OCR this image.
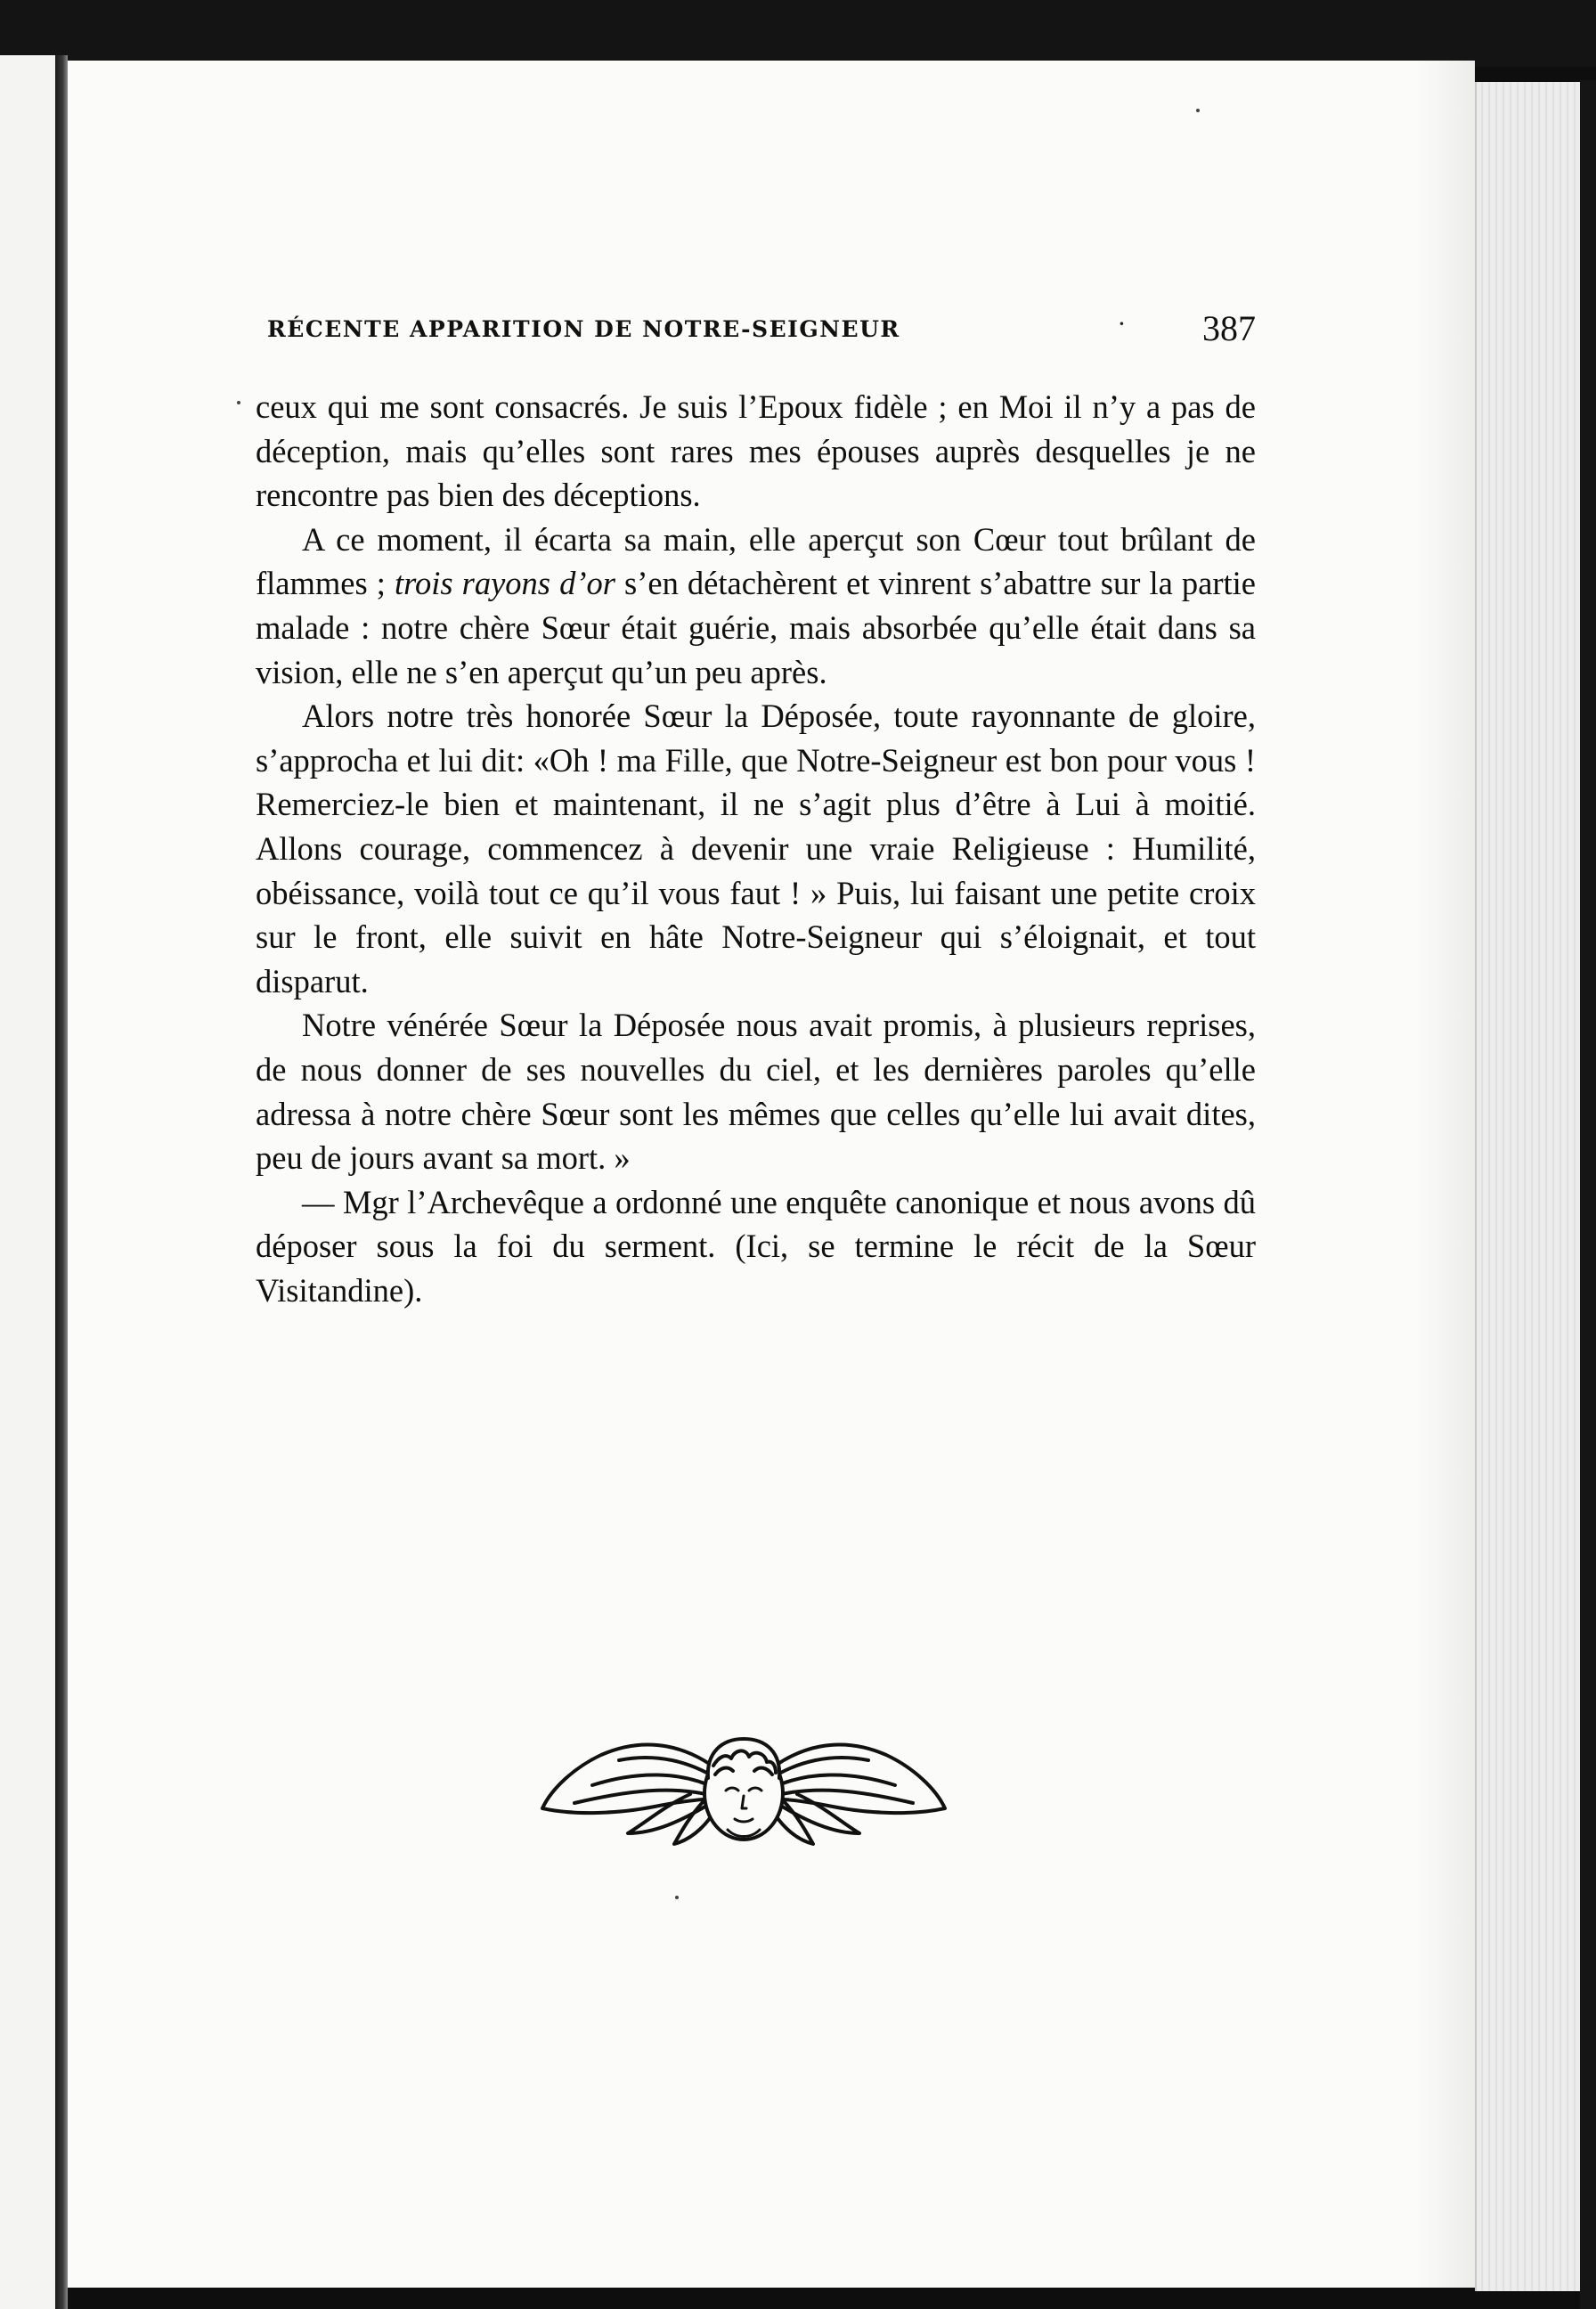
RÉCENTE APPARITION DE NOTRE-SEIGNEUR	· 387

ceux qui me sont consacrés. Je suis l’Epoux fidèle ; en Moi il n’y a pas de déception, mais qu’elles sont rares mes épouses auprès desquelles je ne rencontre pas bien des déceptions.

A ce moment, il écarta sa main, elle aperçut son Cœur tout brûlant de flammes ; trois rayons d’or s’en détachèrent et vinrent s’abattre sur la partie malade : notre chère Sœur était guérie, mais absorbée qu’elle était dans sa vision, elle ne s’en aperçut qu’un peu après.

Alors notre très honorée Sœur la Déposée, toute rayonnante de gloire, s’approcha et lui dit: «Oh ! ma Fille, que Notre-Seigneur est bon pour vous ! Remerciez-le bien et maintenant, il ne s’agit plus d’être à Lui à moitié. Allons courage, commencez à devenir une vraie Religieuse : Humilité, obéissance, voilà tout ce qu’il vous faut ! » Puis, lui faisant une petite croix sur le front, elle suivit en hâte Notre-Seigneur qui s’éloignait, et tout disparut.

Notre vénérée Sœur la Déposée nous avait promis, à plusieurs reprises, de nous donner de ses nouvelles du ciel, et les dernières paroles qu’elle adressa à notre chère Sœur sont les mêmes que celles qu’elle lui avait dites, peu de jours avant sa mort. »

— Mgr l’Archevêque a ordonné une enquête canonique et nous avons dû déposer sous la foi du serment. (Ici, se termine le récit de la Sœur Visitandine).
